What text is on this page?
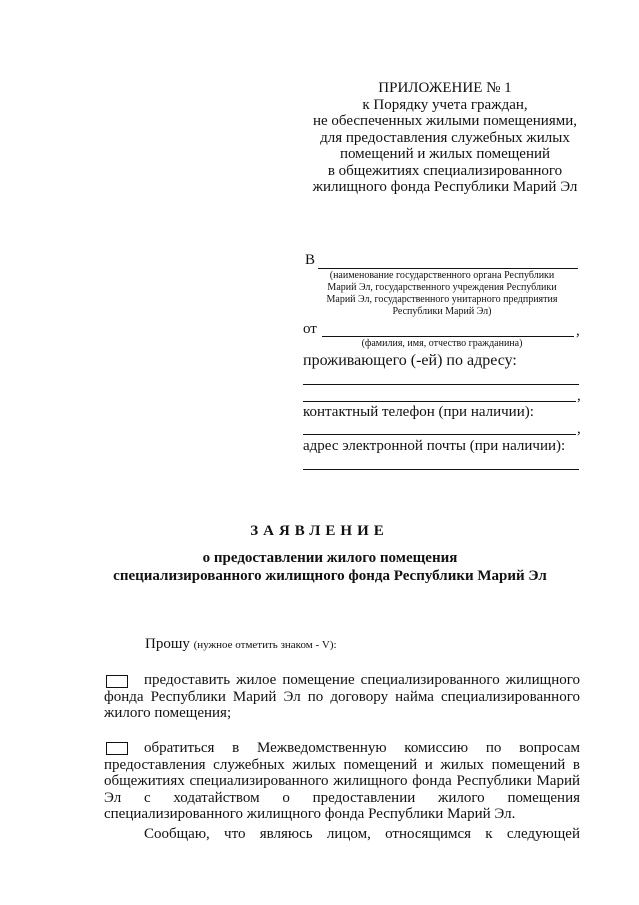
ПРИЛОЖЕНИЕ № 1
к Порядку учета граждан,
не обеспеченных жилыми помещениями,
для предоставления служебных жилых
помещений и жилых помещений
в общежитиях специализированного
жилищного фонда Республики Марий Эл
В
(наименование государственного органа Республики
Марий Эл, государственного учреждения Республики
Марий Эл, государственного унитарного предприятия
Республики Марий Эл)
от	,
(фамилия, имя, отчество гражданина)
проживающего (-ей) по адресу:
,
контактный телефон (при наличии):
,
адрес электронной почты (при наличии):
ЗАЯВЛЕНИЕ
о предоставлении жилого помещения
специализированного жилищного фонда Республики Марий Эл
Прошу (нужное отметить знаком - V):
предоставить жилое помещение специализированного жилищного фонда Республики Марий Эл по договору найма специализированного жилого помещения;
обратиться в Межведомственную комиссию по вопросам предоставления служебных жилых помещений и жилых помещений в общежитиях специализированного жилищного фонда Республики Марий Эл с ходатайством о предоставлении жилого помещения специализированного жилищного фонда Республики Марий Эл.
Сообщаю, что являюсь лицом, относящимся к следующей
